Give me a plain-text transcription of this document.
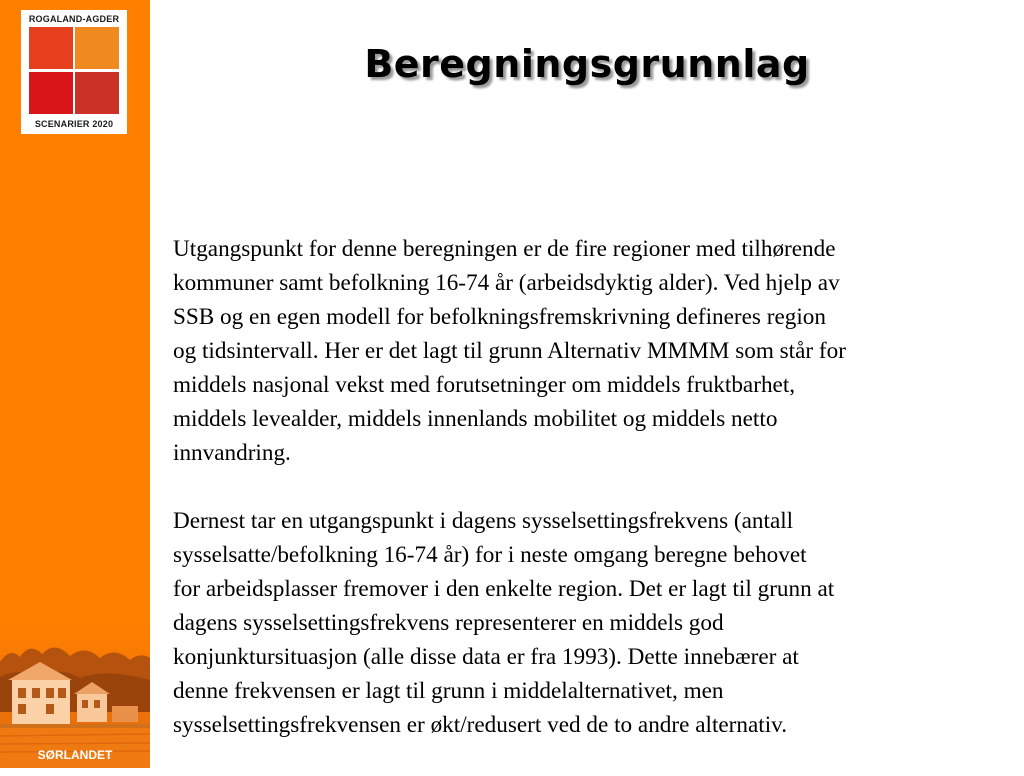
ROGALAND-AGDER
SCENARIER 2020
SØRLANDET
Beregningsgrunnlag

Utgangspunkt for denne beregningen er de fire regioner med tilhørende
kommuner samt befolkning 16-74 år (arbeidsdyktig alder). Ved hjelp av
SSB og en egen modell for befolkningsfremskrivning defineres region
og tidsintervall. Her er det lagt til grunn Alternativ MMMM som står for
middels nasjonal vekst med forutsetninger om middels fruktbarhet,
middels levealder, middels innenlands mobilitet og middels netto
innvandring.

Dernest tar en utgangspunkt i dagens sysselsettingsfrekvens (antall
sysselsatte/befolkning 16-74 år) for i neste omgang beregne behovet
for arbeidsplasser fremover i den enkelte region. Det er lagt til grunn at
dagens sysselsettingsfrekvens representerer en middels god
konjunktursituasjon (alle disse data er fra 1993). Dette innebærer at
denne frekvensen er lagt til grunn i middelalternativet, men
sysselsettingsfrekvensen er økt/redusert ved de to andre alternativ.
